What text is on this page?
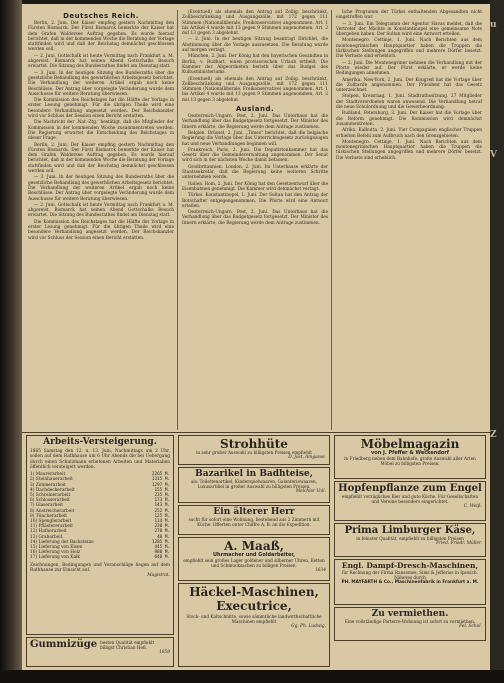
Deutsches Reich.

Berlin, 2. Juni. Der Kaiser empfing gestern Nachmittag den Fürsten Bismarck. Der Fürst Bismarck bemerkte der Kaiser hat dem Grafen Waldersee Auftrag gegeben. Es wurde hierauf berichtet, daß in der kommenden Woche die Beratung der Vorlage stattfinden wird und daß der Reichstag demnächst geschlossen werden soll.

— 2. Juni. Gottschalk ist heute Vormittag nach Frankfurt a. M. abgereist. Bismarck hat seinen Abend Gottschalks Besuch erwartet. Die Sitzung des Bundesrathes findet am Dienstag statt.

— 3. Juni. In der heutigen Sitzung des Bundesraths über die gesetzliche Behandlung des gewerblichen Arbeitsgesetz berichtet. Die Verhandlung der weiteren Artikel ergab noch keine Beschlüsse. Der Antrag über vorgelegte Veränderung wurde dem Ausschusse für weitere Beratung überwiesen.

Die Kommission des Reichstages hat die Hälfte der Vorlage in erster Lesung genehmigt. Für die übrigen Theile wird eine besondere Verhandlung angesetzt werden. Der Reichskanzler wird vor Schluss der Session einen Bericht erstatten.

Die Nachricht der ‚Nat.-Ztg.' bestätigt, daß die Mitglieder der Kommission in der kommenden Woche zusammentreten werden. Die Regierung erwartet die Entscheidung des Reichstages in dieser Frage.

Berlin, 2. Juni. Der Kaiser empfing gestern Nachmittag den Fürsten Bismarck. Der Fürst Bismarck bemerkte der Kaiser hat dem Grafen Waldersee Auftrag gegeben. Es wurde hierauf berichtet, daß in der kommenden Woche die Beratung der Vorlage stattfinden wird und daß der Reichstag demnächst geschlossen werden soll.

— 3. Juni. In der heutigen Sitzung des Bundesraths über die gesetzliche Behandlung des gewerblichen Arbeitsgesetz berichtet. Die Verhandlung der weiteren Artikel ergab noch keine Beschlüsse. Der Antrag über vorgelegte Veränderung wurde dem Ausschusse für weitere Beratung überwiesen.

— 2. Juni. Gottschalk ist heute Vormittag nach Frankfurt a. M. abgereist. Bismarck hat seinen Abend Gottschalks Besuch erwartet. Die Sitzung des Bundesrathes findet am Dienstag statt.

Die Kommission des Reichstages hat die Hälfte der Vorlage in erster Lesung genehmigt. Für die übrigen Theile wird eine besondere Verhandlung angesetzt werden. Der Reichskanzler wird vor Schluss der Session einen Bericht erstatten.

(Eventuell) als ehemals den Antrag auf Zollig. beschränkt, Zollbeschränkung und Ausgangszölle, mit 172 gegen 111 Stimmen (Nationalliberale, Freikonservative) angenommen. Art. 1 bis Artikel 4 wurde mit 13 gegen 9 Stimmen angenommen, Art. 2 mit 13 gegen 3 abgelehnt.

— 2. Juni. In der heutigen Sitzung beantragt Dirichlet, die Abstimmung über die Vorlage auszusetzen. Die Beratung wurde auf morgen vertagt.

München, 2. Juni. Der König hat den bayerischen Gesandten in Berlin, v. Rudhart, einen provisorischen Urlaub ertheilt. Die Kammer der Abgeordneten berieth über das Budget des Kultusministeriums.

(Eventuell) als ehemals den Antrag auf Zollig. beschränkt, Zollbeschränkung und Ausgangszölle, mit 172 gegen 111 Stimmen (Nationalliberale, Freikonservative) angenommen. Art. 1 bis Artikel 4 wurde mit 13 gegen 9 Stimmen angenommen, Art. 2 mit 13 gegen 3 abgelehnt.

Ausland.

Oesterreich-Ungarn. Pest, 2. Juni. Das Unterhaus hat die Verhandlung über das Budgetgesetz fortgesetzt. Der Minister des Innern erklärte, die Regierung werde dem Antrage zustimmen.

Belgien. Brüssel, 2. Juni. „Times" berichtet, daß die belgische Regierung die Vorlage über das Unterrichtsgesetz zurückgezogen hat und neue Verhandlungen beginnen will.

Frankreich. Paris, 2. Juni. Die Deputirtenkammer hat das Gesetz über die Gemeindeverwaltung angenommen. Der Senat wird sich in der nächsten Woche damit befassen.

Großbritannien. London, 2. Juni. Im Unterhause erklärte der Staatssekretär, daß die Regierung keine weiteren Schritte unternehmen werde.

Italien. Rom, 2. Juni. Der König hat den Gesetzentwurf über die Eisenbahnen genehmigt. Die Kammer wird demnächst vertagt.

Türkei. Konstantinopel, 1. Juni. Der Sultan hat den Antrag der Botschafter entgegengenommen. Die Pforte wird eine Antwort erteilen.

Oesterreich-Ungarn. Pest, 2. Juni. Das Unterhaus hat die Verhandlung über das Budgetgesetz fortgesetzt. Der Minister des Innern erklärte, die Regierung werde dem Antrage zustimmen.

liche Programm der Türkei enthaltenden Abgesandten nicht eingetroffen war.

— 3. Juni. Ein Telegramm der Agentur Havas meldet, daß die Vertreter der Mächte in Konstantinopel eine gemeinsame Note übergeben haben. Der Sultan wird eine Antwort erteilen.

Montenegro. Cettinje, 1. Juni. Nach Berichten aus dem montenegrinischen Hauptquartier haben die Truppen die türkischen Stellungen angegriffen und mehrere Dörfer besetzt. Die Verluste sind erheblich.

— 2. Juni. Die Montenegriner nehmen die Verhandlung mit der Pforte wieder auf. Der Fürst erklärte, er werde keine Bedingungen annehmen.

Amerika. New-York, 2. Juni. Der Kongreß hat die Vorlage über die Zolltarife angenommen. Der Präsident hat das Gesetz unterzeichnet.

Stolpen, Kreisrnag, 1. Juni. Stadtrathssitzung. 27 Mitglieder der Stadtverordneten waren anwesend. Die Verhandlung betraf die neue Schulordnung und die Gewerbeordnung.

Rußland. Petersburg, 3. Juni. Der Kaiser hat die Vorlage über die Reform genehmigt. Die Kommission wird demnächst zusammentreten.

Afrika. Kalkutta, 2. Juni. Vier Compagnien englischer Truppen erhielten Befehl zum Aufbruch nach den Grenzgebieten.

Montenegro. Cettinje, 1. Juni. Nach Berichten aus dem montenegrinischen Hauptquartier haben die Truppen die türkischen Stellungen angegriffen und mehrere Dörfer besetzt. Die Verluste sind erheblich.

Arbeits-Versteigerung.

1865 Samstag den 12. u. 13. Juni, Nachmittags um 2 Uhr, sollen auf dem Rathhause um 6 Uhr Abends die bei Uebergang durch einen Schutzmann erbetenen Arbeiten und Materialien öffentlich versteigert werden.

1) Maurerarbeit	2265 M.
2) Steinhauerarbeit	1315 M.
3) Zimmerarbeit	1297 M.
4) Dachdeckerarbeit	155 M.
5) Schreinerarbeit	235 M.
6) Schlosserarbeit	173 M.
7) Glaserarbeit	143 M.
8) Anstreicherarbeit	252 M.
9) Tüncherarbeit	125 M.
10) Spenglerarbeit	114 M.
11) Pflästererarbeit	230 M.
12) Hafnerarbeit	270 M.
13) Grabarbeit	40 M.
14) Lieferung der Backsteine	1285 M.
15) Lieferung von Eisen	445 M.
16) Lieferung von Holz	980 M.
17) Lieferung von Kalk	640 M.

Zeichnungen, Bedingungen und Voranschläge liegen auf dem Rathhause zur Einsicht auf.

Magistrat.
Gummizüge besten Qualität empfiehlt billigst Christian Heß.
1859
Strohhüte
in sehr großer Auswahl zu billigsten Preisen empfiehlt
D. Jost, Amgasse.
Bazarikel in Badhteise,
als: Toilettenartikel, Kinderspielwaaren, Galanteriewaaren, Luxusartikel in großer Auswahl zu billigsten Preisen.
Melchior Voll.
Ein älterer Herr
sucht für sofort eine Wohnung, bestehend aus 2 Zimmern mit Küche. Offerten unter Chiffre A. B. an die Expedition.
A. Maaß,
Uhrmacher und Goldarbeiter,
empfiehlt sein großes Lager goldener und silberner Uhren, Ketten und Schmucksachen zu billigen Preisen.
1634
Häckel-Maschinen,
Executrice,
Stock- und Kaltschnitte, sowie sämmtliche landwirthschaftliche Maschinen empfiehlt
Gg. Ph. Ludwig.
Möbelmagazin
von J. Pfeffer & Weckendorf
in Friedberg neben dem Bahnhofe, große Auswahl aller Arten Möbel zu billigsten Preisen.
Hopfenpflanze zum Engel
empfiehlt vorzügliches Bier und gute Küche. Für Gesellschaften und Vereine besonders eingerichtet.
C. Weiß.
Prima Limburger Käse,
in feinster Qualität, empfiehlt zu billigsten Preisen
Fried. Friedr. Müller.
Engl. Dampf-Dresch-Maschinen,
für Rechnung der Firma Ransomes, Sims & Jefferies in Ipswich. Näheres durch
PH. MAYFARTH & Co., Maschinenfabrik in Frankfurt a. M.
Zu vermiethen.
Eine vollständige Parterre-Wohnung ist sofort zu vermiethen.
Fel. Schol.
u
V
Z
